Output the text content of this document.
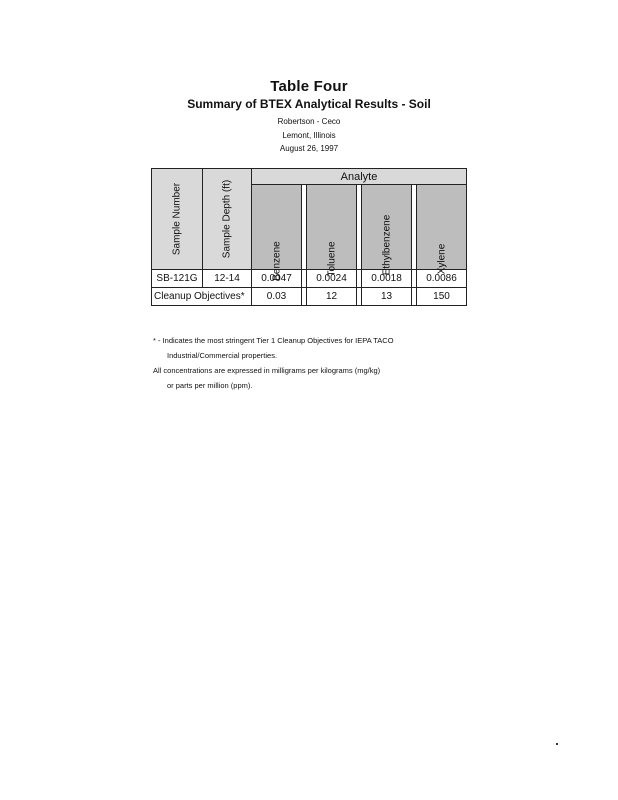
Table Four
Summary of BTEX Analytical Results - Soil
Robertson - Ceco
Lemont, Illinois
August 26, 1997
Sample Number	Sample Depth (ft)	Analyte						

		Benzene		Toluene		Ethylbenzene		Xylene

SB-121G	12-14	0.0047		0.0024		0.0018		0.0086
Cleanup Objectives*		0.03		12		13		150
* - Indicates the most stringent Tier 1 Cleanup Objectives for IEPA TACO
Industrial/Commercial properties.
All concentrations are expressed in milligrams per kilograms (mg/kg)
or parts per million (ppm).
